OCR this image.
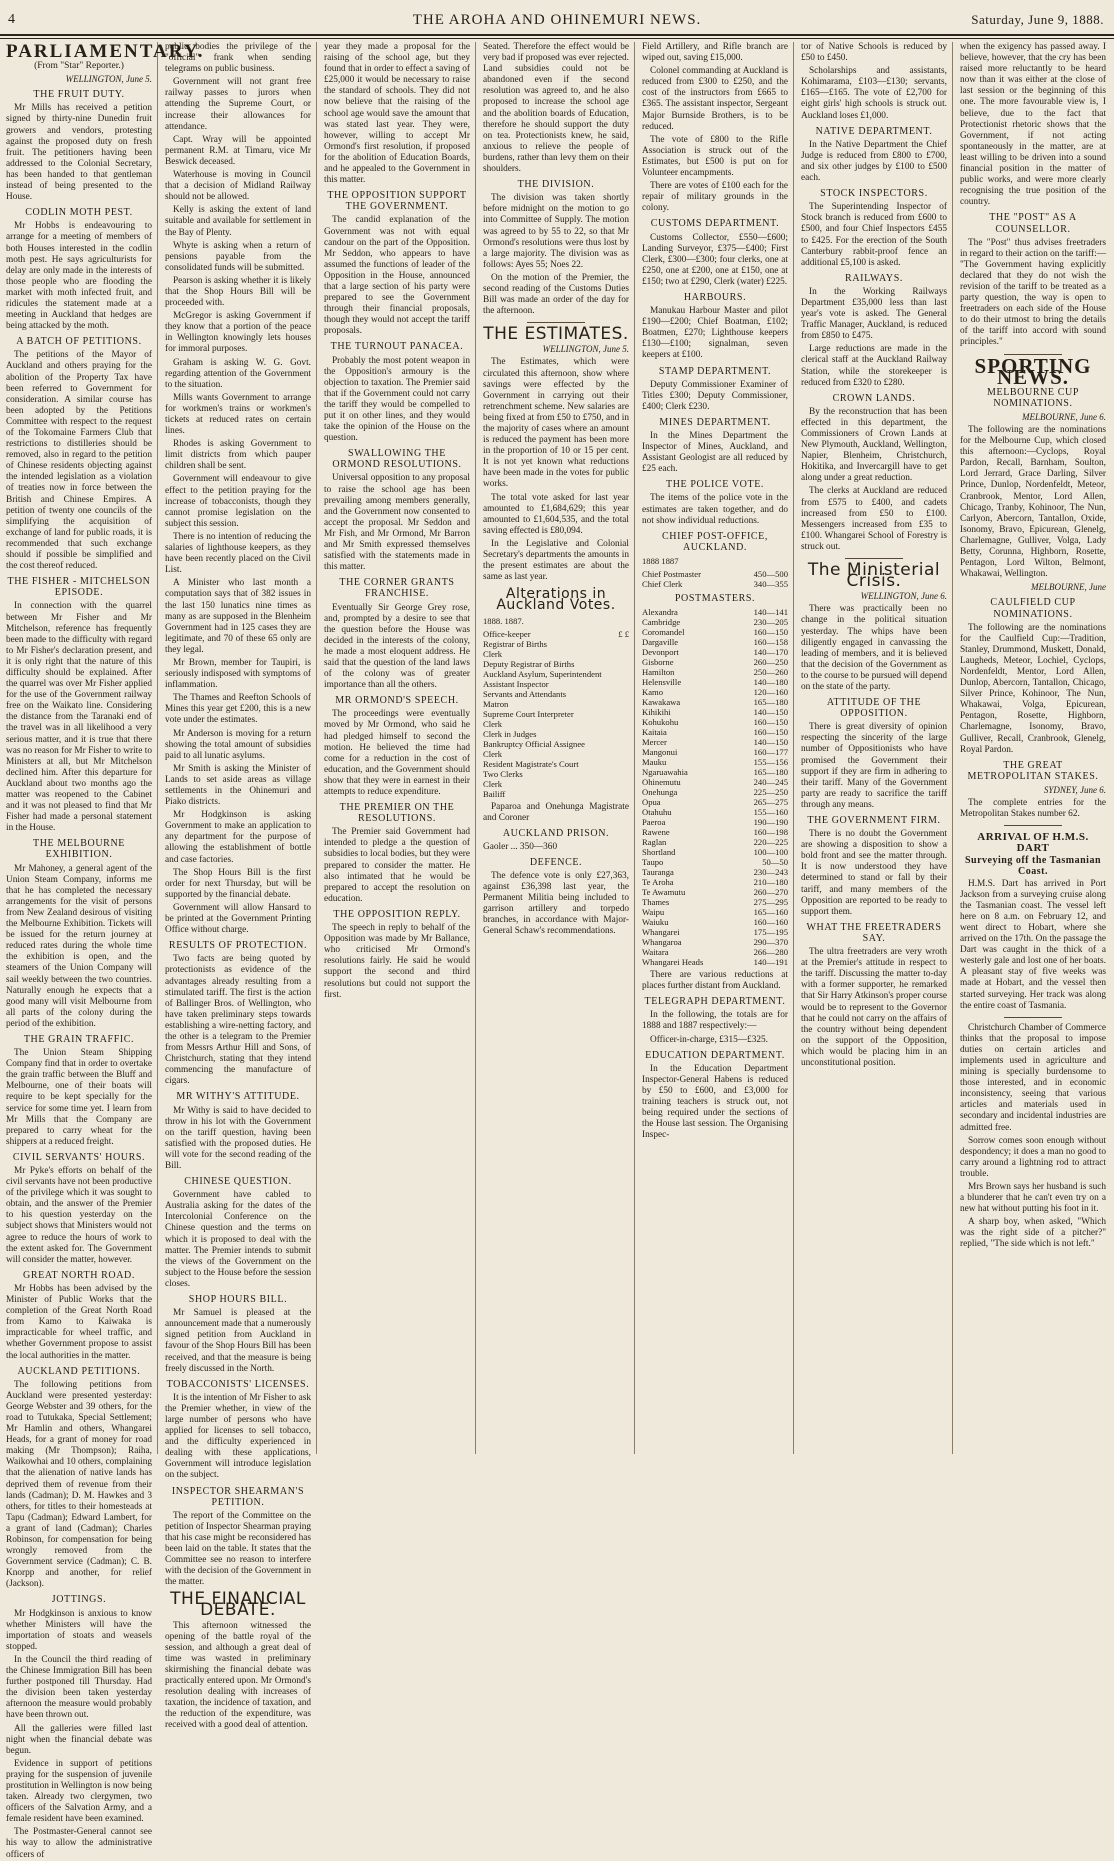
4	THE AROHA AND OHINEMURI NEWS.	Saturday, June 9, 1888.
PARLIAMENTARY.
(From "Star" Reporter.)
WELLINGTON, June 5.
THE FRUIT DUTY.

Mr Mills has received a petition signed by thirty-nine Dunedin fruit growers and vendors, protesting against the proposed duty on fresh fruit. The petitioners having been addressed to the Colonial Secretary, has been handed to that gentleman instead of being presented to the House.

CODLIN MOTH PEST.

Mr Hobbs is endeavouring to arrange for a meeting of members of both Houses interested in the codlin moth pest. He says agriculturists for delay are only made in the interests of those people who are flooding the market with moth infected fruit, and ridicules the statement made at a meeting in Auckland that hedges are being attacked by the moth.

A BATCH OF PETITIONS.

The petitions of the Mayor of Auckland and others praying for the abolition of the Property Tax have been referred to Government for consideration. A similar course has been adopted by the Petitions Committee with respect to the request of the Tokomaine Farmers Club that restrictions to distilleries should be removed, also in regard to the petition of Chinese residents objecting against the intended legislation as a violation of treaties now in force between the British and Chinese Empires. A petition of twenty one councils of the simplifying the acquisition of exchange of land for public roads, it is recommended that such exchange should if possible be simplified and the cost thereof reduced.

THE FISHER - MITCHELSON EPISODE.

In connection with the quarrel between Mr Fisher and Mr Mitchelson, reference has frequently been made to the difficulty with regard to Mr Fisher's declaration present, and it is only right that the nature of this difficulty should be explained. After the quarrel was over Mr Fisher applied for the use of the Government railway free on the Waikato line. Considering the distance from the Taranaki end of the travel was in all likelihood a very serious matter, and it is true that there was no reason for Mr Fisher to write to Ministers at all, but Mr Mitchelson declined him. After this departure for Auckland about two months ago the matter was reopened to the Cabinet and it was not pleased to find that Mr Fisher had made a personal statement in the House.

THE MELBOURNE EXHIBITION.

Mr Mahoney, a general agent of the Union Steam Company, informs me that he has completed the necessary arrangements for the visit of persons from New Zealand desirous of visiting the Melbourne Exhibition. Tickets will be issued for the return journey at reduced rates during the whole time the exhibition is open, and the steamers of the Union Company will sail weekly between the two countries. Naturally enough he expects that a good many will visit Melbourne from all parts of the colony during the period of the exhibition.

THE GRAIN TRAFFIC.

The Union Steam Shipping Company find that in order to overtake the grain traffic between the Bluff and Melbourne, one of their boats will require to be kept specially for the service for some time yet. I learn from Mr Mills that the Company are prepared to carry wheat for the shippers at a reduced freight.

CIVIL SERVANTS' HOURS.

Mr Pyke's efforts on behalf of the civil servants have not been productive of the privilege which it was sought to obtain, and the answer of the Premier to his question yesterday on the subject shows that Ministers would not agree to reduce the hours of work to the extent asked for. The Government will consider the matter, however.

GREAT NORTH ROAD.

Mr Hobbs has been advised by the Minister of Public Works that the completion of the Great North Road from Kamo to Kaiwaka is impracticable for wheel traffic, and whether Government propose to assist the local authorities in the matter.

AUCKLAND PETITIONS.

The following petitions from Auckland were presented yesterday: George Webster and 39 others, for the road to Tutukaka, Special Settlement; Mr Hamlin and others, Whangarei Heads, for a grant of money for road making (Mr Thompson); Raiha, Waikowhai and 10 others, complaining that the alienation of native lands has deprived them of revenue from their lands (Cadman); D. M. Hawkes and 3 others, for titles to their homesteads at Tapu (Cadman); Edward Lambert, for a grant of land (Cadman); Charles Robinson, for compensation for being wrongly removed from the Government service (Cadman); C. B. Knorpp and another, for relief (Jackson).

JOTTINGS.

Mr Hodgkinson is anxious to know whether Ministers will have the importation of stoats and weasels stopped.

In the Council the third reading of the Chinese Immigration Bill has been further postponed till Thursday. Had the division been taken yesterday afternoon the measure would probably have been thrown out.

All the galleries were filled last night when the financial debate was begun.

Evidence in support of petitions praying for the suspension of juvenile prostitution in Wellington is now being taken. Already two clergymen, two officers of the Salvation Army, and a female resident have been examined.

The Postmaster-General cannot see his way to allow the administrative officers of

public bodies the privilege of the "official" frank when sending telegrams on public business.

Government will not grant free railway passes to jurors when attending the Supreme Court, or increase their allowances for attendance.

Capt. Wray will be appointed permanent R.M. at Timaru, vice Mr Beswick deceased.

Waterhouse is moving in Council that a decision of Midland Railway should not be allowed.

Kelly is asking the extent of land suitable and available for settlement in the Bay of Plenty.

Whyte is asking when a return of pensions payable from the consolidated funds will be submitted.

Pearson is asking whether it is likely that the Shop Hours Bill will be proceeded with.

McGregor is asking Government if they know that a portion of the peace in Wellington knowingly lets houses for immoral purposes.

Graham is asking W. G. Govt. regarding attention of the Government to the situation.

Mills wants Government to arrange for workmen's trains or workmen's tickets at reduced rates on certain lines.

Rhodes is asking Government to limit districts from which pauper children shall be sent.

Government will endeavour to give effect to the petition praying for the increase of tobacconists, though they cannot promise legislation on the subject this session.

There is no intention of reducing the salaries of lighthouse keepers, as they have been recently placed on the Civil List.

A Minister who last month a computation says that of 382 issues in the last 150 lunatics nine times as many as are supposed in the Blenheim Government had in 125 cases they are legitimate, and 70 of these 65 only are they legal.

Mr Brown, member for Taupiri, is seriously indisposed with symptoms of inflammation.

The Thames and Reefton Schools of Mines this year get £200, this is a new vote under the estimates.

Mr Anderson is moving for a return showing the total amount of subsidies paid to all lunatic asylums.

Mr Smith is asking the Minister of Lands to set aside areas as village settlements in the Ohinemuri and Piako districts.

Mr Hodgkinson is asking Government to make an application to any department for the purpose of allowing the establishment of bottle and case factories.

The Shop Hours Bill is the first order for next Thursday, but will be supported by the financial debate.

Government will allow Hansard to be printed at the Government Printing Office without charge.

RESULTS OF PROTECTION.

Two facts are being quoted by protectionists as evidence of the advantages already resulting from a stimulated tariff. The first is the action of Ballinger Bros. of Wellington, who have taken preliminary steps towards establishing a wire-netting factory, and the other is a telegram to the Premier from Messrs Arthur Hill and Sons, of Christchurch, stating that they intend commencing the manufacture of cigars.

MR WITHY'S ATTITUDE.

Mr Withy is said to have decided to throw in his lot with the Government on the tariff question, having been satisfied with the proposed duties. He will vote for the second reading of the Bill.

CHINESE QUESTION.

Government have cabled to Australia asking for the dates of the Intercolonial Conference on the Chinese question and the terms on which it is proposed to deal with the matter. The Premier intends to submit the views of the Government on the subject to the House before the session closes.

SHOP HOURS BILL.

Mr Samuel is pleased at the announcement made that a numerously signed petition from Auckland in favour of the Shop Hours Bill has been received, and that the measure is being freely discussed in the North.

TOBACCONISTS' LICENSES.

It is the intention of Mr Fisher to ask the Premier whether, in view of the large number of persons who have applied for licenses to sell tobacco, and the difficulty experienced in dealing with these applications, Government will introduce legislation on the subject.

INSPECTOR SHEARMAN'S PETITION.

The report of the Committee on the petition of Inspector Shearman praying that his case might be reconsidered has been laid on the table. It states that the Committee see no reason to interfere with the decision of the Government in the matter.

THE FINANCIAL DEBATE.

This afternoon witnessed the opening of the battle royal of the session, and although a great deal of time was wasted in preliminary skirmishing the financial debate was practically entered upon. Mr Ormond's resolution dealing with increases of taxation, the incidence of taxation, and the reduction of the expenditure, was received with a good deal of attention.

year they made a proposal for the raising of the school age, but they found that in order to effect a saving of £25,000 it would be necessary to raise the standard of schools. They did not now believe that the raising of the school age would save the amount that was stated last year. They were, however, willing to accept Mr Ormond's first resolution, if proposed for the abolition of Education Boards, and he appealed to the Government in this matter.

THE OPPOSITION SUPPORT THE GOVERNMENT.

The candid explanation of the Government was not with equal candour on the part of the Opposition. Mr Seddon, who appears to have assumed the functions of leader of the Opposition in the House, announced that a large section of his party were prepared to see the Government through their financial proposals, though they would not accept the tariff proposals.

THE TURNOUT PANACEA.

Probably the most potent weapon in the Opposition's armoury is the objection to taxation. The Premier said that if the Government could not carry the tariff they would be compelled to put it on other lines, and they would take the opinion of the House on the question.

SWALLOWING THE ORMOND RESOLUTIONS.

Universal opposition to any proposal to raise the school age has been prevailing among members generally, and the Government now consented to accept the proposal. Mr Seddon and Mr Fish, and Mr Ormond, Mr Barron and Mr Smith expressed themselves satisfied with the statements made in this matter.

THE CORNER GRANTS FRANCHISE.

Eventually Sir George Grey rose, and, prompted by a desire to see that the question before the House was decided in the interests of the colony, he made a most eloquent address. He said that the question of the land laws of the colony was of greater importance than all the others.

MR ORMOND'S SPEECH.

The proceedings were eventually moved by Mr Ormond, who said he had pledged himself to second the motion. He believed the time had come for a reduction in the cost of education, and the Government should show that they were in earnest in their attempts to reduce expenditure.

THE PREMIER ON THE RESOLUTIONS.

The Premier said Government had intended to pledge a the question of subsidies to local bodies, but they were prepared to consider the matter. He also intimated that he would be prepared to accept the resolution on education.

THE OPPOSITION REPLY.

The speech in reply to behalf of the Opposition was made by Mr Ballance, who criticised Mr Ormond's resolutions fairly. He said he would support the second and third resolutions but could not support the first.

Seated. Therefore the effect would be very bad if proposed was ever rejected. Land subsidies could not be abandoned even if the second resolution was agreed to, and he also proposed to increase the school age and the abolition boards of Education, therefore he should support the duty on tea. Protectionists knew, he said, anxious to relieve the people of burdens, rather than levy them on their shoulders.

THE DIVISION.

The division was taken shortly before midnight on the motion to go into Committee of Supply. The motion was agreed to by 55 to 22, so that Mr Ormond's resolutions were thus lost by a large majority. The division was as follows: Ayes 55; Noes 22.

On the motion of the Premier, the second reading of the Customs Duties Bill was made an order of the day for the afternoon.

THE ESTIMATES.
WELLINGTON, June 5.

The Estimates, which were circulated this afternoon, show where savings were effected by the Government in carrying out their retrenchment scheme. New salaries are being fixed at from £50 to £750, and in the majority of cases where an amount is reduced the payment has been more in the proportion of 10 or 15 per cent. It is not yet known what reductions have been made in the votes for public works.

The total vote asked for last year amounted to £1,684,629; this year amounted to £1,604,535, and the total saving effected is £80,094.

In the Legislative and Colonial Secretary's departments the amounts in the present estimates are about the same as last year.

Alterations in Auckland Votes.
1888. 1887.
Office-keeper	£ £
Registrar of Births	
Clerk	
Deputy Registrar of Births	
Auckland Asylum, Superintendent	
Assistant Inspector	
Servants and Attendants	
Matron	
Supreme Court Interpreter	
Clerk	
Clerk in Judges	
Bankruptcy Official Assignee	
Clerk	
Resident Magistrate's Court	
Two Clerks	
Clerk	
Bailiff	

Paparoa and Onehunga Magistrate and Coroner

AUCKLAND PRISON.

Gaoler ... 350—360

DEFENCE.

The defence vote is only £27,363, against £36,398 last year, the Permanent Militia being included to garrison artillery and torpedo branches, in accordance with Major-General Schaw's recommendations.

Field Artillery, and Rifle branch are wiped out, saving £15,000.

Colonel commanding at Auckland is reduced from £300 to £250, and the cost of the instructors from £665 to £365. The assistant inspector, Sergeant Major Burnside Brothers, is to be reduced.

The vote of £800 to the Rifle Association is struck out of the Estimates, but £500 is put on for Volunteer encampments.

There are votes of £100 each for the repair of military grounds in the colony.

CUSTOMS DEPARTMENT.

Customs Collector, £550—£600; Landing Surveyor, £375—£400; First Clerk, £300—£300; four clerks, one at £250, one at £200, one at £150, one at £150; two at £290, Clerk (water) £225.

HARBOURS.

Manukau Harbour Master and pilot £190—£200; Chief Boatman, £102; Boatmen, £270; Lighthouse keepers £130—£100; signalman, seven keepers at £100.

STAMP DEPARTMENT.

Deputy Commissioner Examiner of Titles £300; Deputy Commissioner, £400; Clerk £230.

MINES DEPARTMENT.

In the Mines Department the Inspector of Mines, Auckland, and Assistant Geologist are all reduced by £25 each.

THE POLICE VOTE.

The items of the police vote in the estimates are taken together, and do not show individual reductions.

CHIEF POST-OFFICE, AUCKLAND.
1888 1887
Chief Postmaster	450—500
Chief Clerk	340—355
POSTMASTERS.
Alexandra	140—141
Cambridge	230—205
Coromandel	160—150
Dargaville	160—158
Devonport	140—170
Gisborne	260—250
Hamilton	250—260
Helensville	140—180
Kamo	120—160
Kawakawa	165—180
Kihikihi	140—150
Kohukohu	160—150
Kaitaia	160—150
Mercer	140—150
Mangonui	160—177
Mauku	155—156
Ngaruawahia	165—180
Ohinemutu	240—245
Onehunga	225—250
Opua	265—275
Otahuhu	155—160
Paeroa	190—190
Rawene	160—198
Raglan	220—225
Shortland	100—100
Taupo	50—50
Tauranga	230—243
Te Aroha	210—180
Te Awamutu	260—270
Thames	275—295
Waipu	165—160
Waiuku	160—160
Whangarei	175—195
Whangaroa	290—370
Waitara	266—280
Whangarei Heads	140—191

There are various reductions at places further distant from Auckland.

TELEGRAPH DEPARTMENT.

In the following, the totals are for 1888 and 1887 respectively:—

Officer-in-charge, £315—£325.

EDUCATION DEPARTMENT.

In the Education Department Inspector-General Habens is reduced by £50 to £600, and £3,000 for training teachers is struck out, not being required under the sections of the House last session. The Organising Inspec-

tor of Native Schools is reduced by £50 to £450.

Scholarships and assistants, Kohimarama, £103—£130; servants, £165—£165. The vote of £2,700 for eight girls' high schools is struck out. Auckland loses £1,000.

NATIVE DEPARTMENT.

In the Native Department the Chief Judge is reduced from £800 to £700, and six other judges by £100 to £500 each.

STOCK INSPECTORS.

The Superintending Inspector of Stock branch is reduced from £600 to £500, and four Chief Inspectors £455 to £425. For the erection of the South Canterbury rabbit-proof fence an additional £5,100 is asked.

RAILWAYS.

In the Working Railways Department £35,000 less than last year's vote is asked. The General Traffic Manager, Auckland, is reduced from £850 to £475.

Large reductions are made in the clerical staff at the Auckland Railway Station, while the storekeeper is reduced from £320 to £280.

CROWN LANDS.

By the reconstruction that has been effected in this department, the Commissioners of Crown Lands at New Plymouth, Auckland, Wellington, Napier, Blenheim, Christchurch, Hokitika, and Invercargill have to get along under a great reduction.

The clerks at Auckland are reduced from £575 to £400, and cadets increased from £50 to £100. Messengers increased from £35 to £100. Whangarei School of Forestry is struck out.

The Ministerial Crisis.
WELLINGTON, June 6.

There was practically been no change in the political situation yesterday. The whips have been diligently engaged in canvassing the leading of members, and it is believed that the decision of the Government as to the course to be pursued will depend on the state of the party.

ATTITUDE OF THE OPPOSITION.

There is great diversity of opinion respecting the sincerity of the large number of Oppositionists who have promised the Government their support if they are firm in adhering to their tariff. Many of the Government party are ready to sacrifice the tariff through any means.

THE GOVERNMENT FIRM.

There is no doubt the Government are showing a disposition to show a bold front and see the matter through. It is now understood they have determined to stand or fall by their tariff, and many members of the Opposition are reported to be ready to support them.

WHAT THE FREETRADERS SAY.

The ultra freetraders are very wroth at the Premier's attitude in respect to the tariff. Discussing the matter to-day with a former supporter, he remarked that Sir Harry Atkinson's proper course would be to represent to the Governor that he could not carry on the affairs of the country without being dependent on the support of the Opposition, which would be placing him in an unconstitutional position.

when the exigency has passed away. I believe, however, that the cry has been raised more reluctantly to be heard now than it was either at the close of last session or the beginning of this one. The more favourable view is, I believe, due to the fact that Protectionist rhetoric shows that the Government, if not acting spontaneously in the matter, are at least willing to be driven into a sound financial position in the matter of public works, and were more clearly recognising the true position of the country.

THE "POST" AS A COUNSELLOR.

The "Post" thus advises freetraders in regard to their action on the tariff:— "The Government having explicitly declared that they do not wish the revision of the tariff to be treated as a party question, the way is open to freetraders on each side of the House to do their utmost to bring the details of the tariff into accord with sound principles."

SPORTING NEWS.
MELBOURNE CUP NOMINATIONS.
MELBOURNE, June 6.

The following are the nominations for the Melbourne Cup, which closed this afternoon:—Cyclops, Royal Pardon, Recall, Barnham, Soulton, Lord Jerrard, Grace Darling, Silver Prince, Dunlop, Nordenfeldt, Meteor, Cranbrook, Mentor, Lord Allen, Chicago, Tranby, Kohinoor, The Nun, Carlyon, Abercorn, Tantallon, Oxide, Isonomy, Bravo, Epicurean, Glenelg, Charlemagne, Gulliver, Volga, Lady Betty, Corunna, Highborn, Rosette, Pentagon, Lord Wilton, Belmont, Whakawai, Wellington.

MELBOURNE, June
CAULFIELD CUP NOMINATIONS.

The following are the nominations for the Caulfield Cup:—Tradition, Stanley, Drummond, Muskett, Donald, Laugheds, Meteor, Lochiel, Cyclops, Nordenfeldt, Mentor, Lord Allen, Dunlop, Abercorn, Tantallon, Chicago, Silver Prince, Kohinoor, The Nun, Whakawai, Volga, Epicurean, Pentagon, Rosette, Highborn, Charlemagne, Isonomy, Bravo, Gulliver, Recall, Cranbrook, Glenelg, Royal Pardon.

THE GREAT METROPOLITAN STAKES.
SYDNEY, June 6.

The complete entries for the Metropolitan Stakes number 62.

ARRIVAL OF H.M.S. DART
Surveying off the Tasmanian Coast.

H.M.S. Dart has arrived in Port Jackson from a surveying cruise along the Tasmanian coast. The vessel left here on 8 a.m. on February 12, and went direct to Hobart, where she arrived on the 17th. On the passage the Dart was caught in the thick of a westerly gale and lost one of her boats. A pleasant stay of five weeks was made at Hobart, and the vessel then started surveying. Her track was along the entire coast of Tasmania.

Christchurch Chamber of Commerce thinks that the proposal to impose duties on certain articles and implements used in agriculture and mining is specially burdensome to those interested, and in economic inconsistency, seeing that various articles and materials used in secondary and incidental industries are admitted free.

Sorrow comes soon enough without despondency; it does a man no good to carry around a lightning rod to attract trouble.

Mrs Brown says her husband is such a blunderer that he can't even try on a new hat without putting his foot in it.

A sharp boy, when asked, "Which was the right side of a pitcher?" replied, "The side which is not left."
